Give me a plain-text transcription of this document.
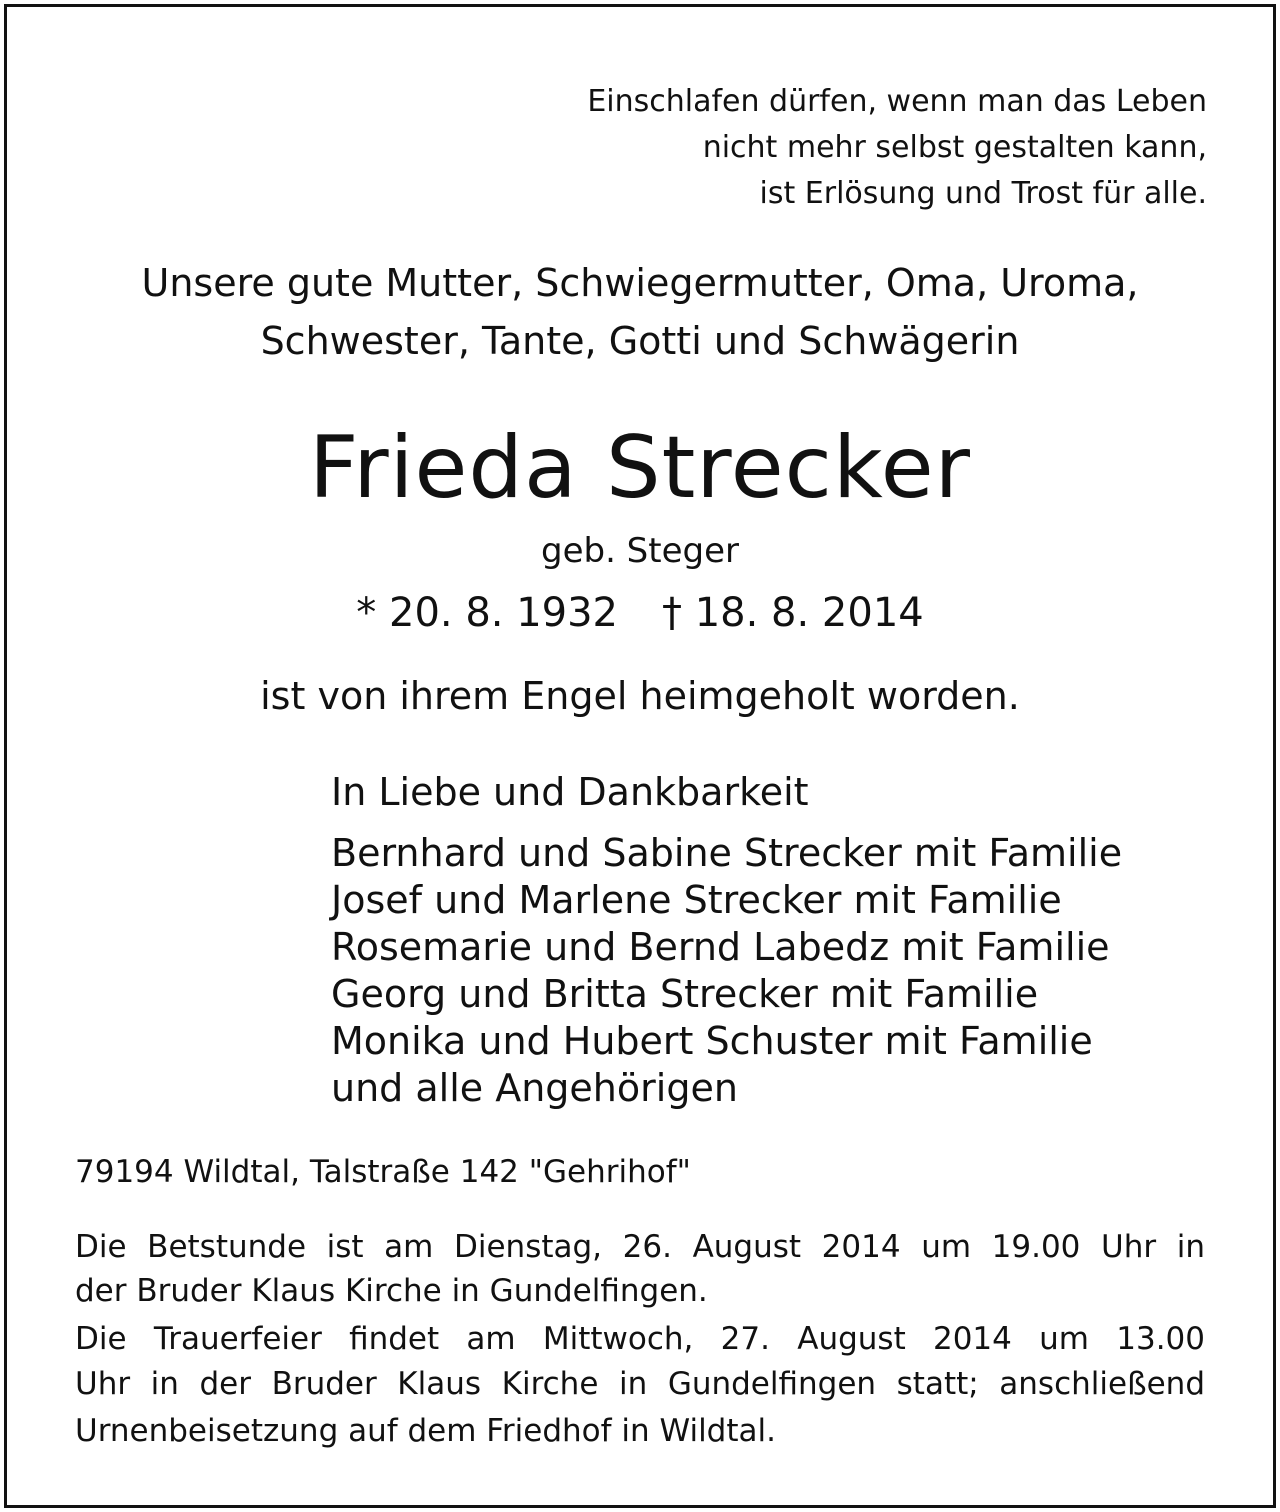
Einschlafen dürfen, wenn man das Leben
nicht mehr selbst gestalten kann,
ist Erlösung und Trost für alle.
Unsere gute Mutter, Schwiegermutter, Oma, Uroma,
Schwester, Tante, Gotti und Schwägerin
Frieda Strecker
geb. Steger
* 20. 8. 1932 † 18. 8. 2014
ist von ihrem Engel heimgeholt worden.
In Liebe und Dankbarkeit
Bernhard und Sabine Strecker mit Familie
Josef und Marlene Strecker mit Familie
Rosemarie und Bernd Labedz mit Familie
Georg und Britta Strecker mit Familie
Monika und Hubert Schuster mit Familie
und alle Angehörigen
79194 Wildtal, Talstraße 142 "Gehrihof"
Die Betstunde ist am Dienstag, 26. August 2014 um 19.00 Uhr in
der Bruder Klaus Kirche in Gundelfingen.
Die Trauerfeier findet am Mittwoch, 27. August 2014 um 13.00
Uhr in der Bruder Klaus Kirche in Gundelfingen statt; anschließend
Urnenbeisetzung auf dem Friedhof in Wildtal.
